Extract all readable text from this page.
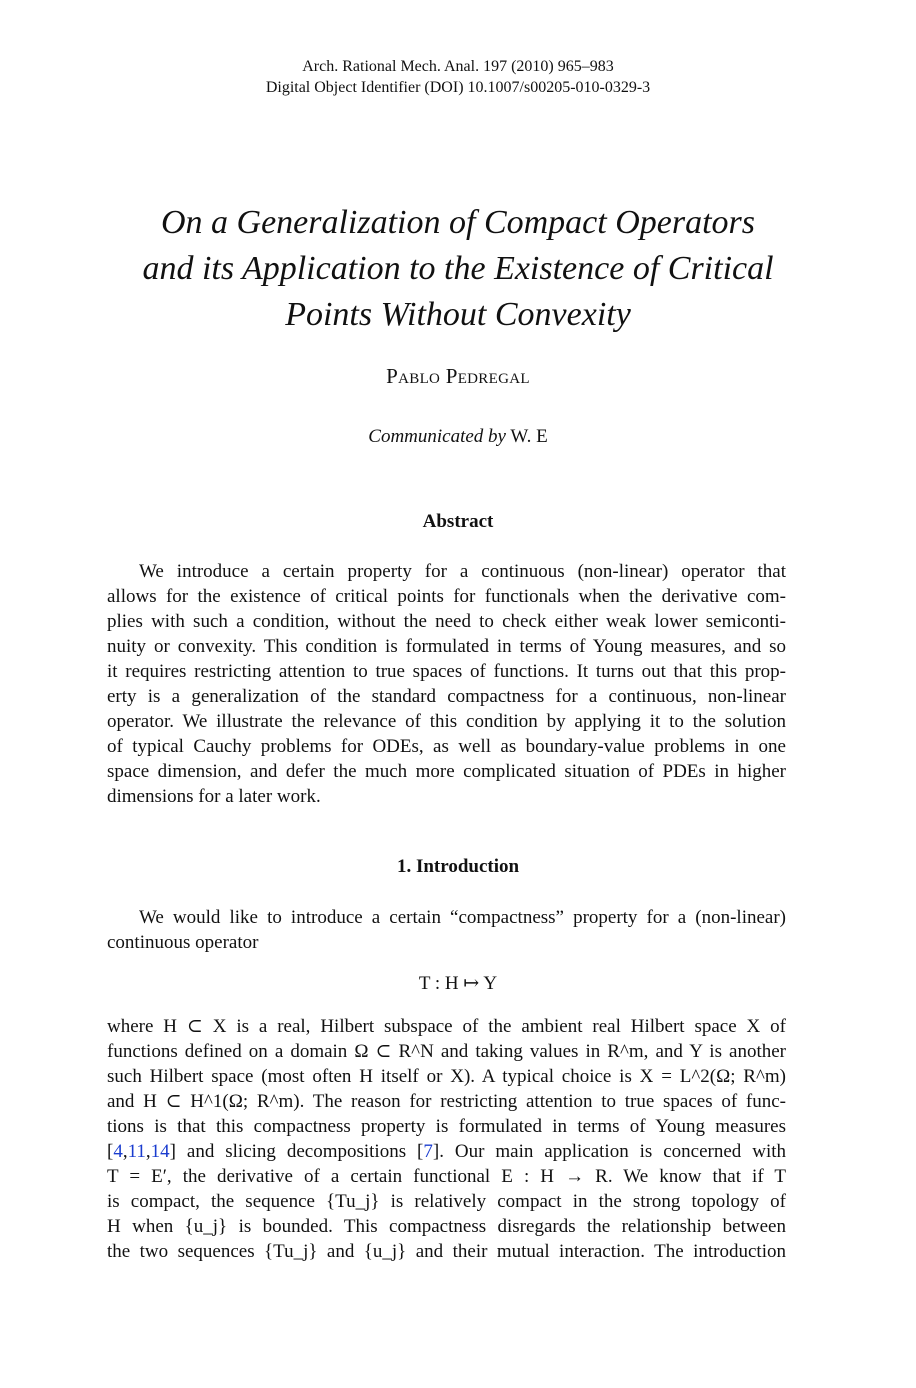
Arch. Rational Mech. Anal. 197 (2010) 965–983
Digital Object Identifier (DOI) 10.1007/s00205-010-0329-3
On a Generalization of Compact Operators
and its Application to the Existence of Critical
Points Without Convexity
Pablo Pedregal
Communicated by W. E
Abstract
We introduce a certain property for a continuous (non-linear) operator that
allows for the existence of critical points for functionals when the derivative com-
plies with such a condition, without the need to check either weak lower semiconti-
nuity or convexity. This condition is formulated in terms of Young measures, and so
it requires restricting attention to true spaces of functions. It turns out that this prop-
erty is a generalization of the standard compactness for a continuous, non-linear
operator. We illustrate the relevance of this condition by applying it to the solution
of typical Cauchy problems for ODEs, as well as boundary-value problems in one
space dimension, and defer the much more complicated situation of PDEs in higher
dimensions for a later work.
1. Introduction
We would like to introduce a certain “compactness” property for a (non-linear)
continuous operator
T : H ↦ Y
where H ⊂ X is a real, Hilbert subspace of the ambient real Hilbert space X of
functions defined on a domain Ω ⊂ R^N and taking values in R^m, and Y is another
such Hilbert space (most often H itself or X). A typical choice is X = L^2(Ω; R^m)
and H ⊂ H^1(Ω; R^m). The reason for restricting attention to true spaces of func-
tions is that this compactness property is formulated in terms of Young measures
[4,11,14] and slicing decompositions [7]. Our main application is concerned with
T = E′, the derivative of a certain functional E : H → R. We know that if T
is compact, the sequence {Tu_j} is relatively compact in the strong topology of
H when {u_j} is bounded. This compactness disregards the relationship between
the two sequences {Tu_j} and {u_j} and their mutual interaction. The introduction
